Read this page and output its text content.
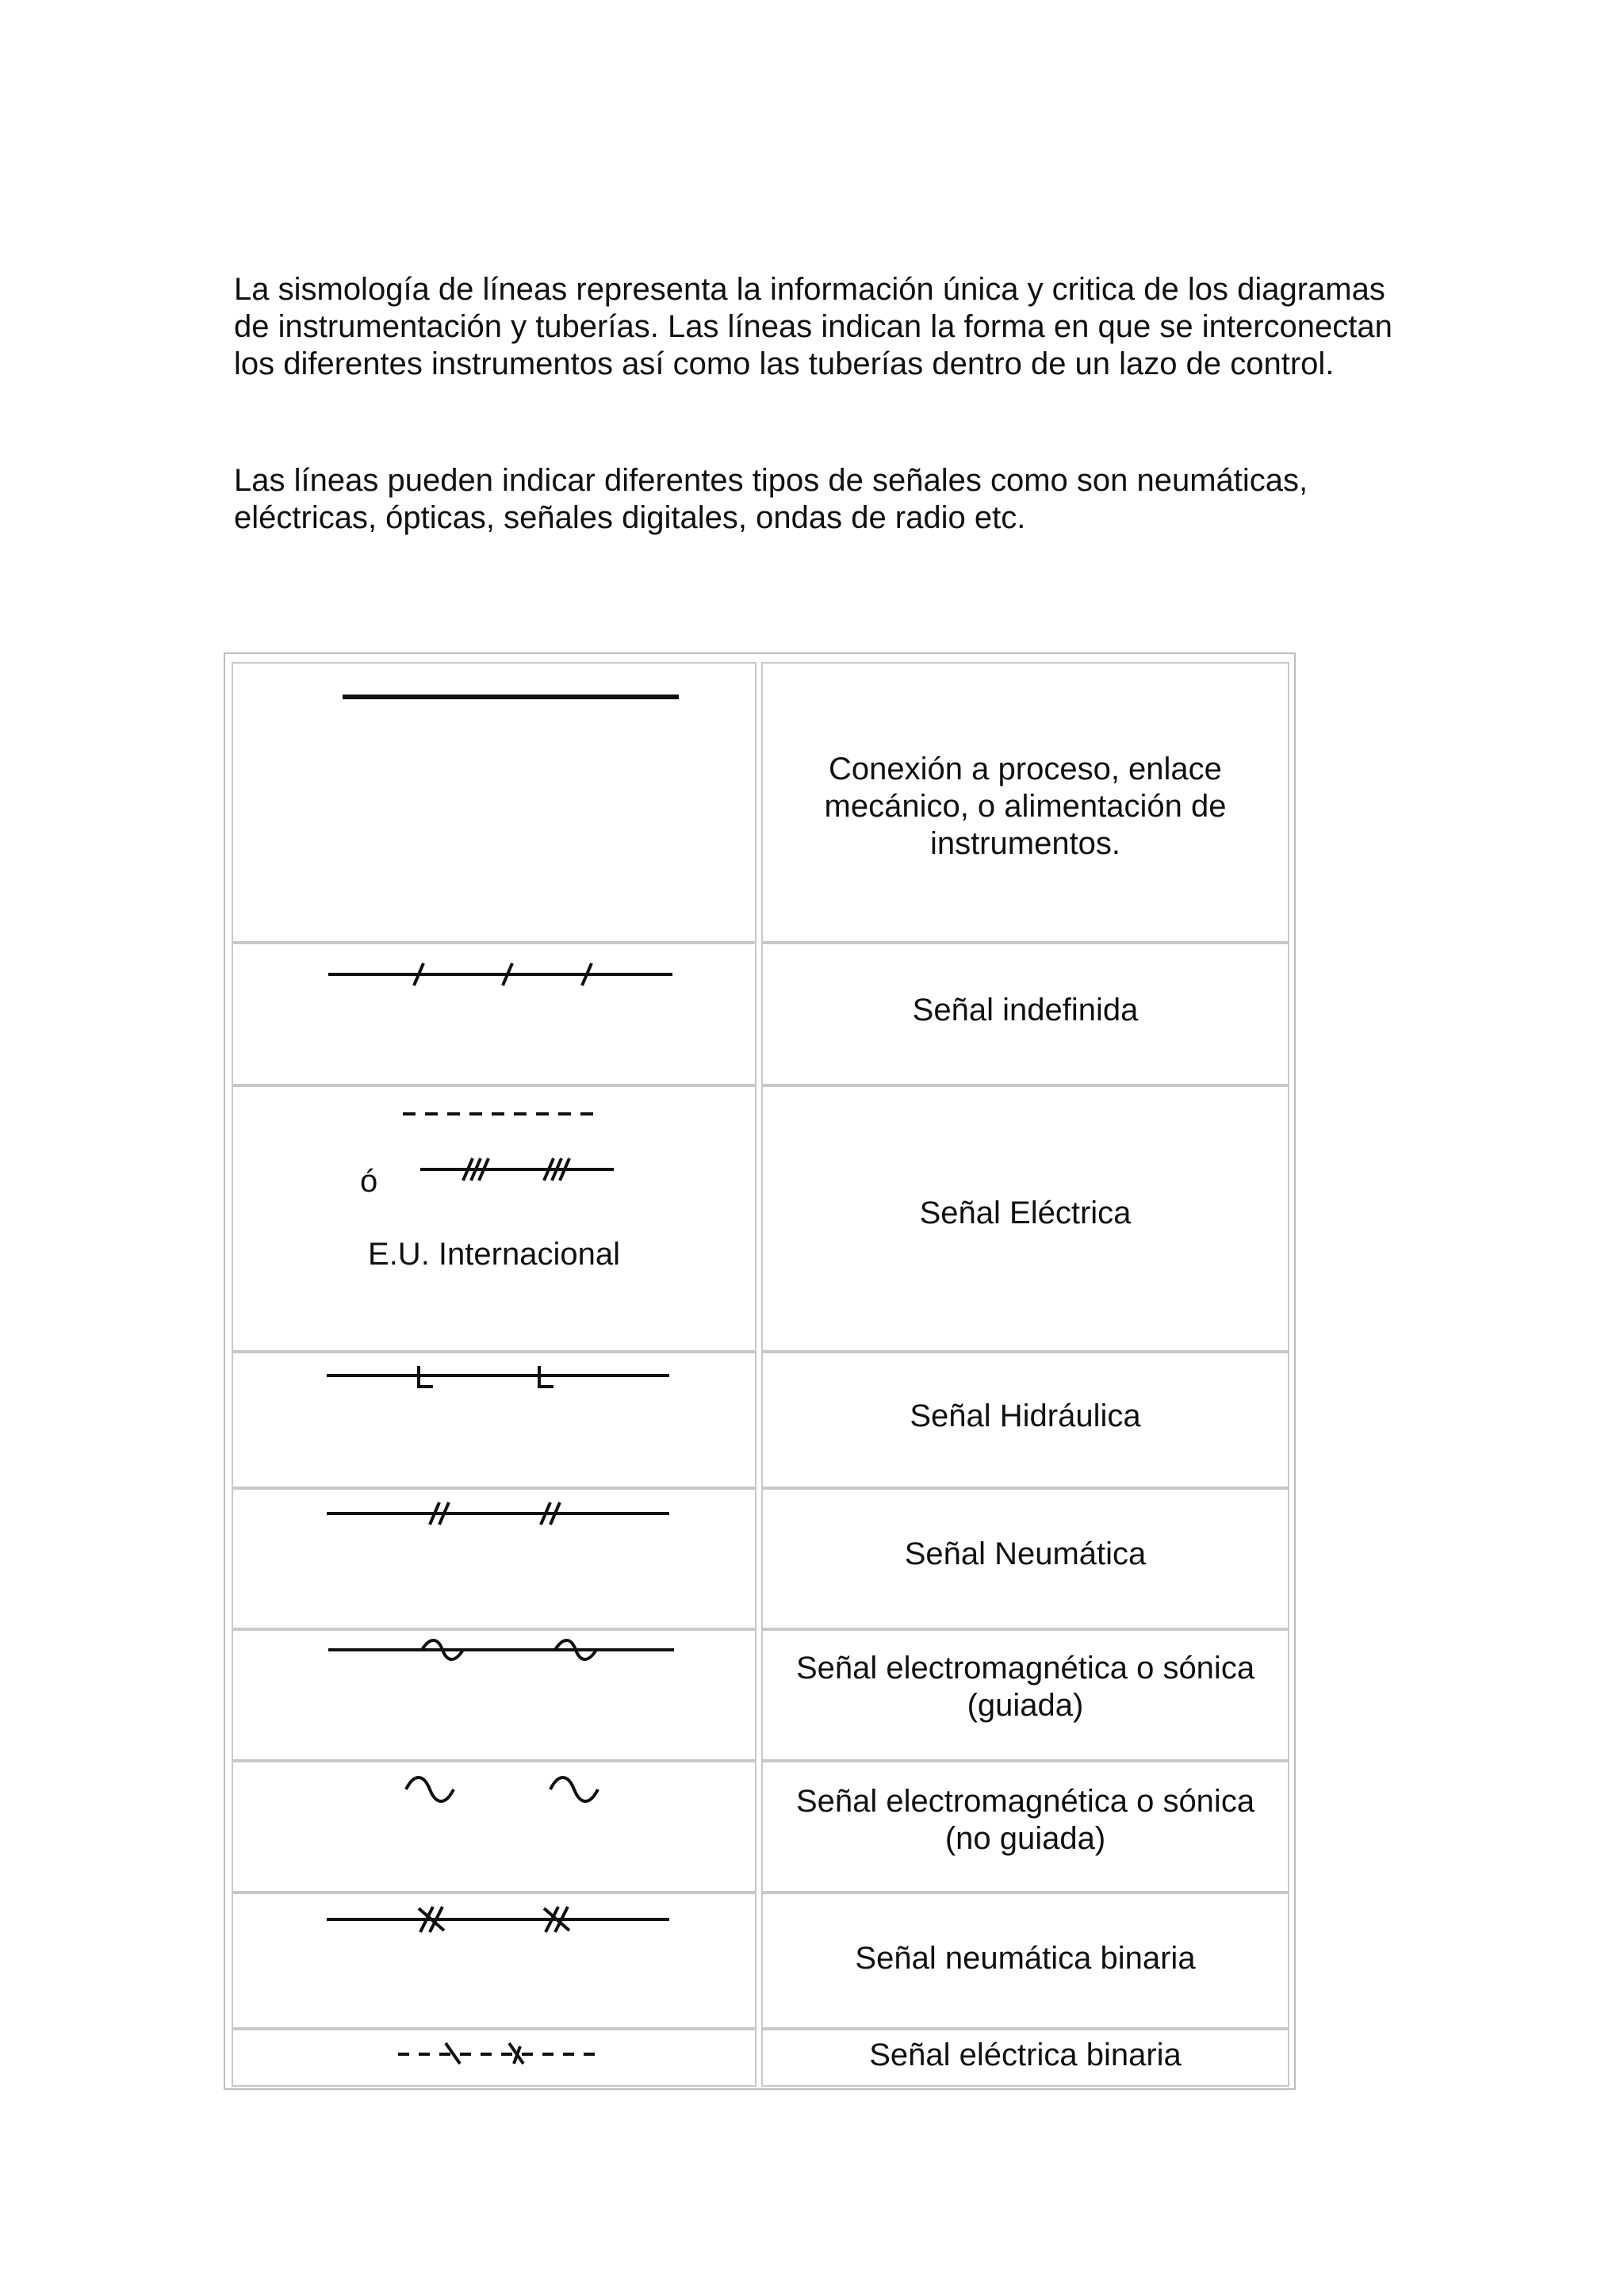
La sismología de líneas representa la información única y critica de los diagramas de instrumentación y tuberías. Las líneas indican la forma en que se interconectan los diferentes instrumentos así como las tuberías dentro de un lazo de control.

Las líneas pueden indicar diferentes tipos de señales como son neumáticas, eléctricas, ópticas, señales digitales, ondas de radio etc.

Conexión a proceso, enlace mecánico, o alimentación de instrumentos.
Señal indefinida
ó
E.U. Internacional
Señal Eléctrica
Señal Hidráulica
Señal Neumática
Señal electromagnética o sónica (guiada)
Señal electromagnética o sónica (no guiada)
Señal neumática binaria
Señal eléctrica binaria
